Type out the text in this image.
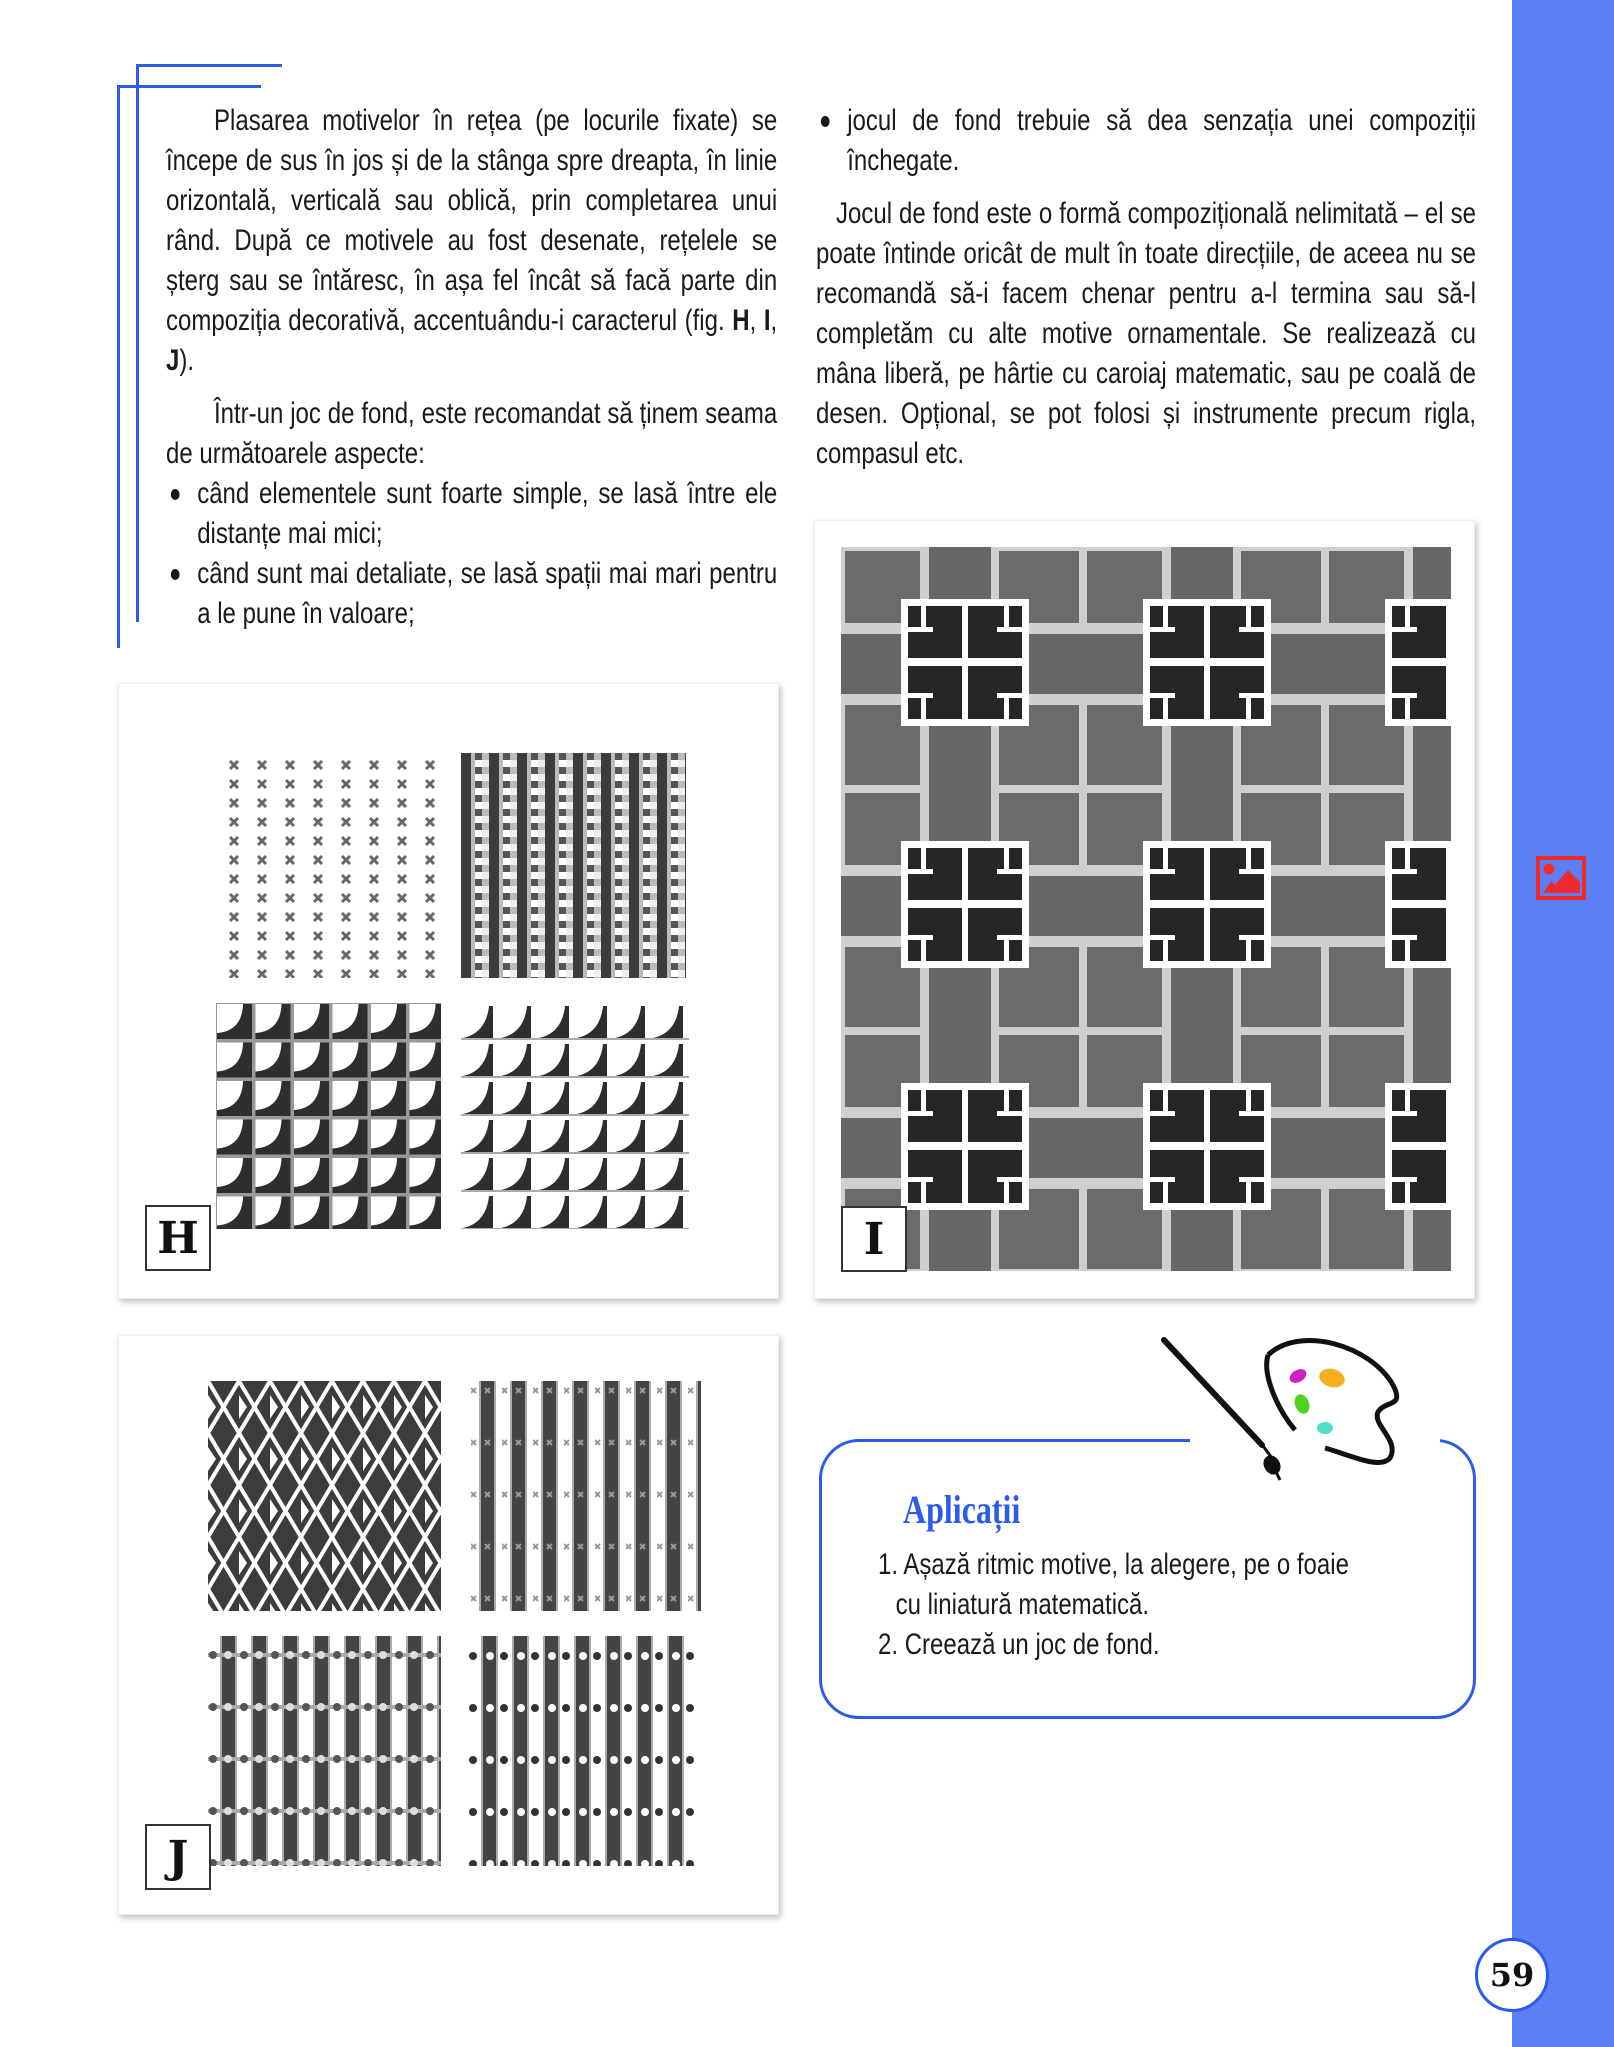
Plasarea motivelor în rețea (pe locurile fixate) se începe de sus în jos și de la stânga spre dreapta, în linie orizontală, verticală sau oblică, prin completarea unui rând. După ce motivele au fost desenate, rețelele se șterg sau se întăresc, în așa fel încât să facă parte din compoziția decorativă, accentuându-i caracterul (fig. H, I, J).

Într-un joc de fond, este recomandat să ținem seama de următoarele aspecte:

când elementele sunt foarte simple, se lasă între ele distanțe mai mici;
când sunt mai detaliate, se lasă spații mai mari pentru a le pune în valoare;
jocul de fond trebuie să dea senzația unei compoziții închegate.

Jocul de fond este o formă compozițională nelimitată – el se poate întinde oricât de mult în toate direcțiile, de aceea nu se recomandă să-i facem chenar pentru a-l termina sau să-l completăm cu alte motive ornamentale. Se realizează cu mâna liberă, pe hârtie cu caroiaj matematic, sau pe coală de desen. Opțional, se pot folosi și instrumente precum rigla, compasul etc.

H	I
J
Aplicații
1. Așază ritmic motive, la alegere, pe o foaie
cu liniatură matematică.
2. Creează un joc de fond.
59
